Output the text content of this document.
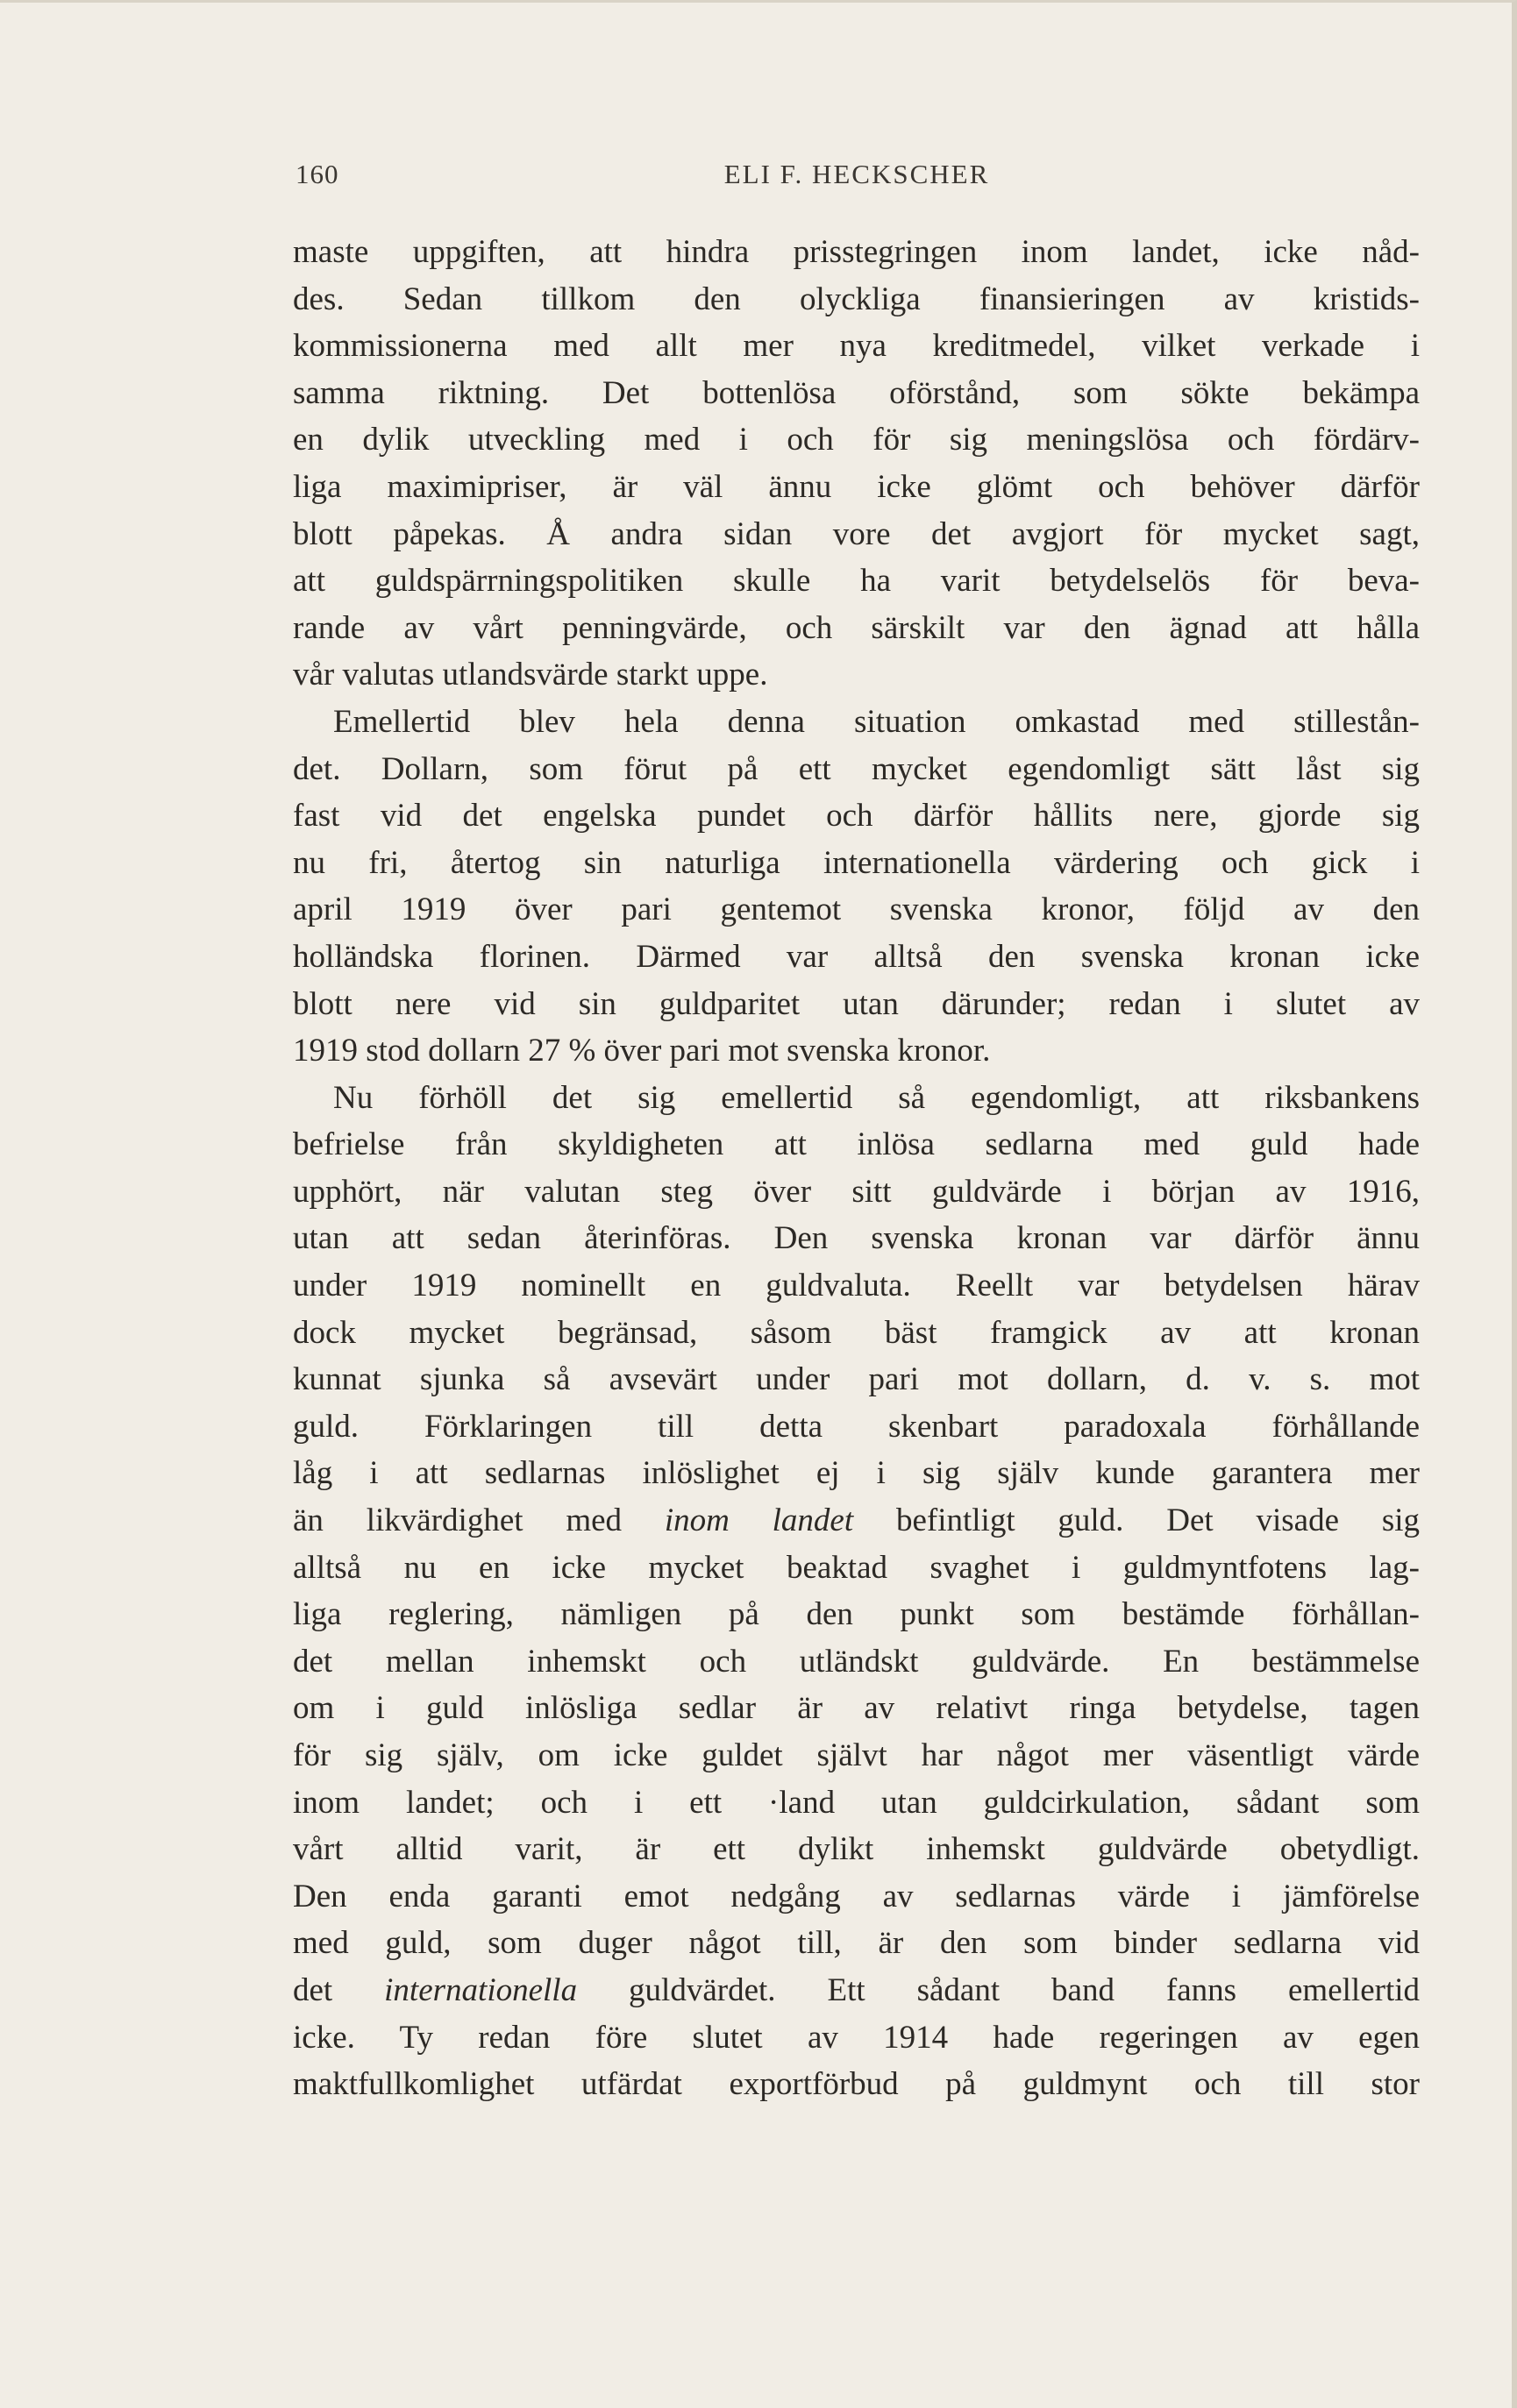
160	ELI F. HECKSCHER
maste uppgiften, att hindra prisstegringen inom landet, icke nåd-
des. Sedan tillkom den olyckliga finansieringen av kristids-
kommissionerna med allt mer nya kreditmedel, vilket verkade i
samma riktning. Det bottenlösa oförstånd, som sökte bekämpa
en dylik utveckling med i och för sig meningslösa och fördärv-
liga maximipriser, är väl ännu icke glömt och behöver därför
blott påpekas. Å andra sidan vore det avgjort för mycket sagt,
att guldspärrningspolitiken skulle ha varit betydelselös för beva-
rande av vårt penningvärde, och särskilt var den ägnad att hålla
vår valutas utlandsvärde starkt uppe.
Emellertid blev hela denna situation omkastad med stillestån-
det. Dollarn, som förut på ett mycket egendomligt sätt låst sig
fast vid det engelska pundet och därför hållits nere, gjorde sig
nu fri, återtog sin naturliga internationella värdering och gick i
april 1919 över pari gentemot svenska kronor, följd av den
holländska florinen. Därmed var alltså den svenska kronan icke
blott nere vid sin guldparitet utan därunder; redan i slutet av
1919 stod dollarn 27 % över pari mot svenska kronor.
Nu förhöll det sig emellertid så egendomligt, att riksbankens
befrielse från skyldigheten att inlösa sedlarna med guld hade
upphört, när valutan steg över sitt guldvärde i början av 1916,
utan att sedan återinföras. Den svenska kronan var därför ännu
under 1919 nominellt en guldvaluta. Reellt var betydelsen härav
dock mycket begränsad, såsom bäst framgick av att kronan
kunnat sjunka så avsevärt under pari mot dollarn, d. v. s. mot
guld. Förklaringen till detta skenbart paradoxala förhållande
låg i att sedlarnas inlöslighet ej i sig själv kunde garantera mer
än likvärdighet med inom landet befintligt guld. Det visade sig
alltså nu en icke mycket beaktad svaghet i guldmyntfotens lag-
liga reglering, nämligen på den punkt som bestämde förhållan-
det mellan inhemskt och utländskt guldvärde. En bestämmelse
om i guld inlösliga sedlar är av relativt ringa betydelse, tagen
för sig själv, om icke guldet självt har något mer väsentligt värde
inom landet; och i ett ·land utan guldcirkulation, sådant som
vårt alltid varit, är ett dylikt inhemskt guldvärde obetydligt.
Den enda garanti emot nedgång av sedlarnas värde i jämförelse
med guld, som duger något till, är den som binder sedlarna vid
det internationella guldvärdet. Ett sådant band fanns emellertid
icke. Ty redan före slutet av 1914 hade regeringen av egen
maktfullkomlighet utfärdat exportförbud på guldmynt och till stor
